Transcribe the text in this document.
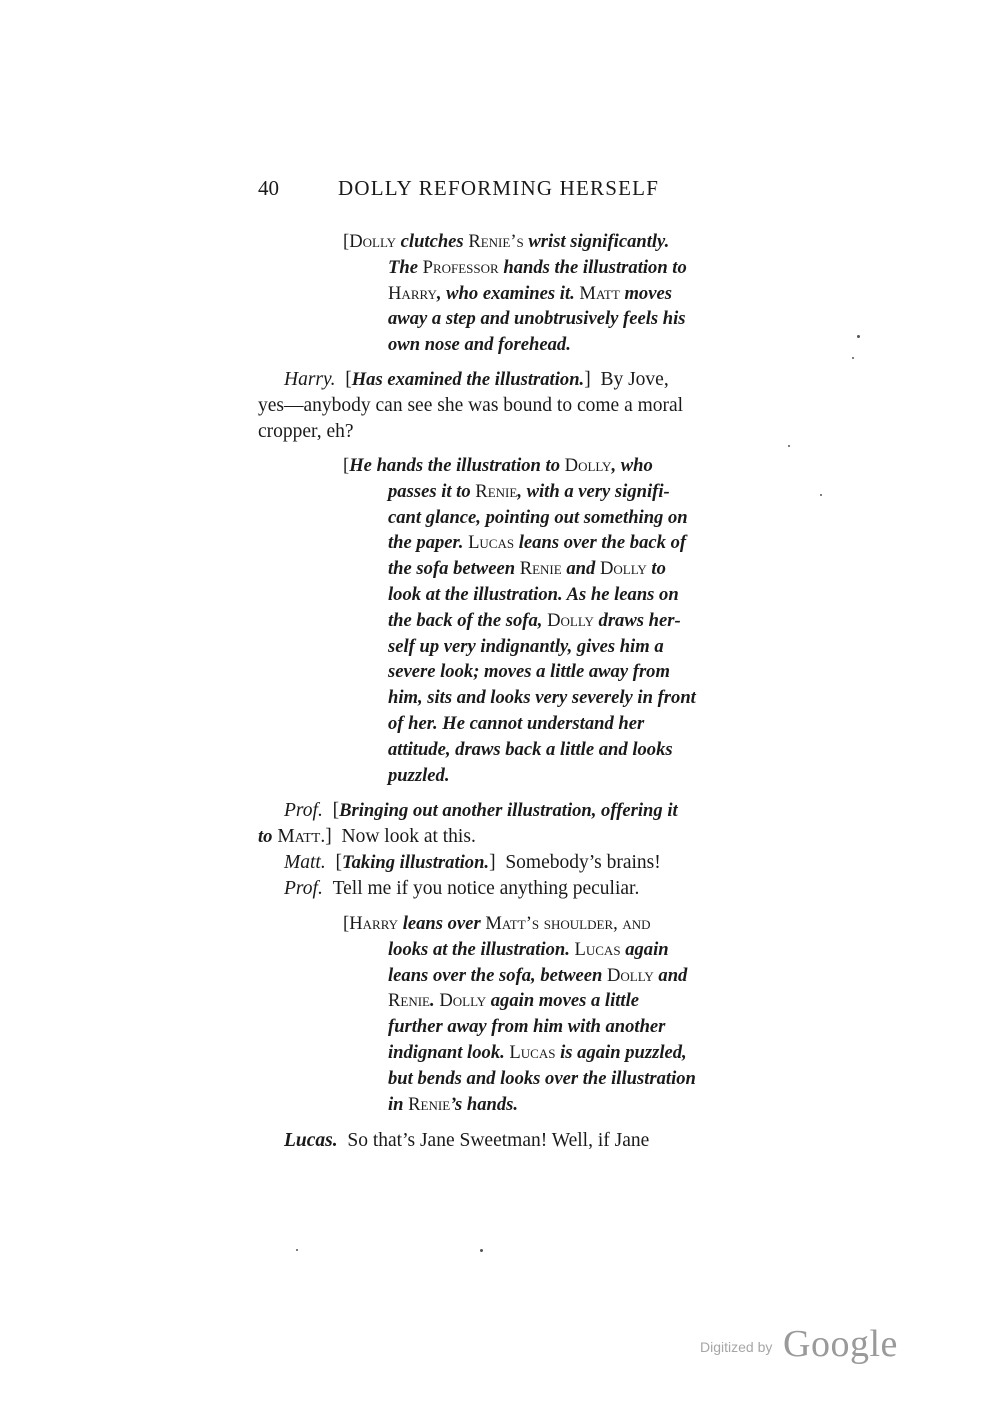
40	DOLLY REFORMING HERSELF
[Dolly clutches Renie’s wrist significantly.
The Professor hands the illustration to
Harry, who examines it. Matt moves
away a step and unobtrusively feels his
own nose and forehead.
Harry. [Has examined the illustration.] By Jove,
yes—anybody can see she was bound to come a moral
cropper, eh?
[He hands the illustration to Dolly, who
passes it to Renie, with a very signifi-
cant glance, pointing out something on
the paper. Lucas leans over the back of
the sofa between Renie and Dolly to
look at the illustration. As he leans on
the back of the sofa, Dolly draws her-
self up very indignantly, gives him a
severe look; moves a little away from
him, sits and looks very severely in front
of her. He cannot understand her
attitude, draws back a little and looks
puzzled.
Prof. [Bringing out another illustration, offering it
to Matt.] Now look at this.
Matt. [Taking illustration.] Somebody’s brains!
Prof. Tell me if you notice anything peculiar.
[Harry leans over Matt’s shoulder, and
looks at the illustration. Lucas again
leans over the sofa, between Dolly and
Renie. Dolly again moves a little
further away from him with another
indignant look. Lucas is again puzzled,
but bends and looks over the illustration
in Renie’s hands.
Lucas. So that’s Jane Sweetman! Well, if Jane
Digitized by Google
